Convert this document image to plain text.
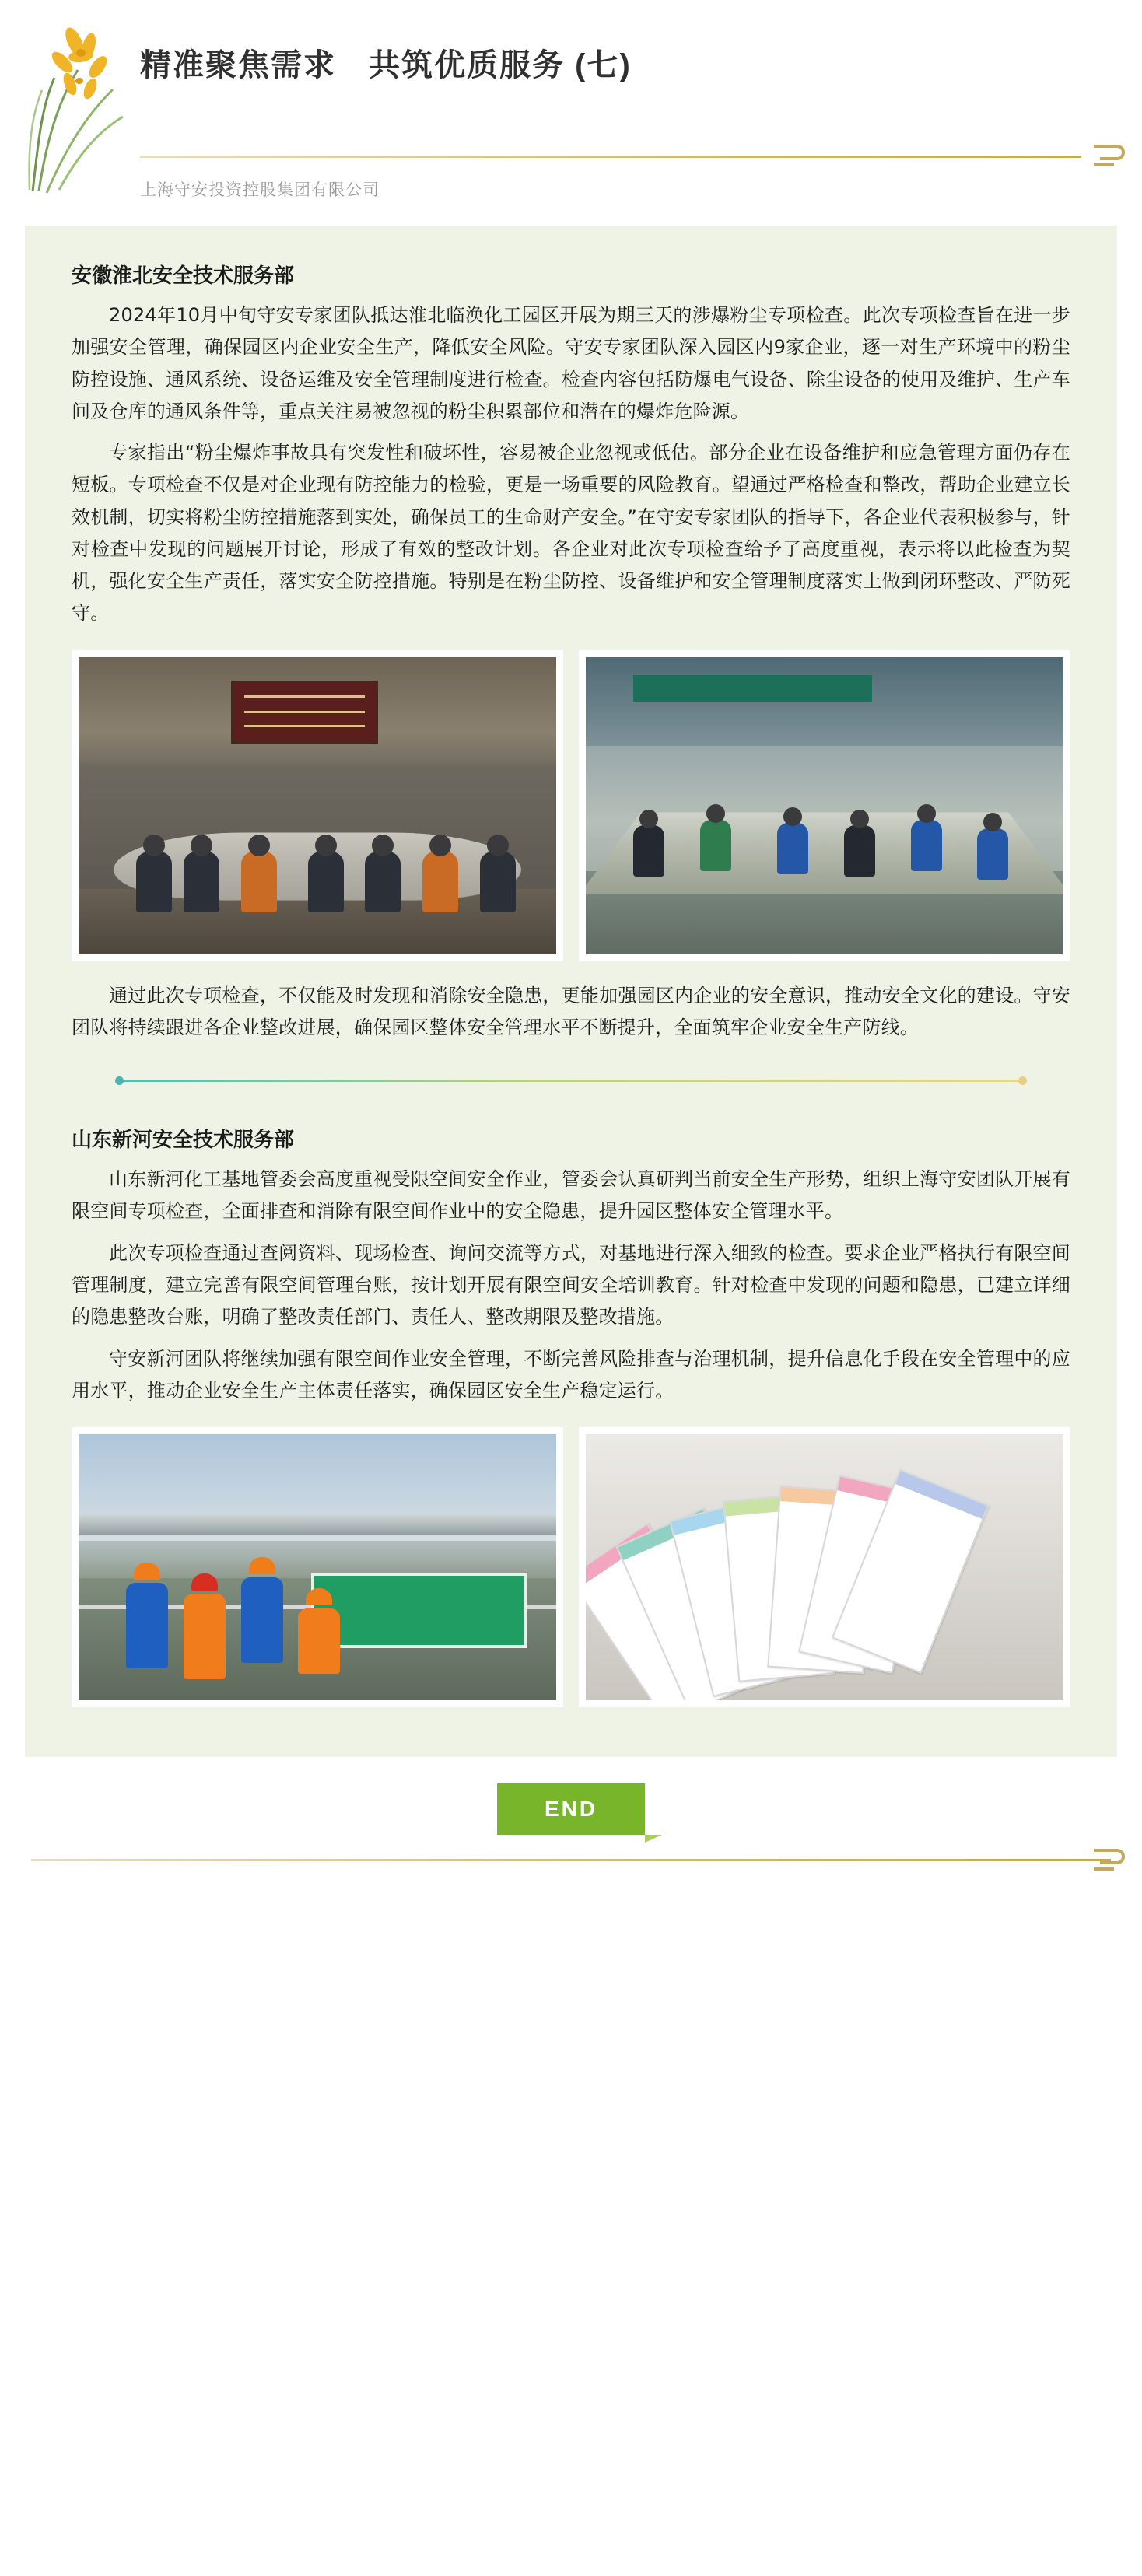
精准聚焦需求　共筑优质服务 (七)
上海守安投资控股集团有限公司
安徽淮北安全技术服务部

2024年10月中旬守安专家团队抵达淮北临涣化工园区开展为期三天的涉爆粉尘专项检查。此次专项检查旨在进一步加强安全管理，确保园区内企业安全生产，降低安全风险。守安专家团队深入园区内9家企业，逐一对生产环境中的粉尘防控设施、通风系统、设备运维及安全管理制度进行检查。检查内容包括防爆电气设备、除尘设备的使用及维护、生产车间及仓库的通风条件等，重点关注易被忽视的粉尘积累部位和潜在的爆炸危险源。

专家指出“粉尘爆炸事故具有突发性和破坏性，容易被企业忽视或低估。部分企业在设备维护和应急管理方面仍存在短板。专项检查不仅是对企业现有防控能力的检验，更是一场重要的风险教育。望通过严格检查和整改，帮助企业建立长效机制，切实将粉尘防控措施落到实处，确保员工的生命财产安全。”在守安专家团队的指导下，各企业代表积极参与，针对检查中发现的问题展开讨论，形成了有效的整改计划。各企业对此次专项检查给予了高度重视，表示将以此检查为契机，强化安全生产责任，落实安全防控措施。特别是在粉尘防控、设备维护和安全管理制度落实上做到闭环整改、严防死守。

通过此次专项检查，不仅能及时发现和消除安全隐患，更能加强园区内企业的安全意识，推动安全文化的建设。守安团队将持续跟进各企业整改进展，确保园区整体安全管理水平不断提升，全面筑牢企业安全生产防线。

山东新河安全技术服务部

山东新河化工基地管委会高度重视受限空间安全作业，管委会认真研判当前安全生产形势，组织上海守安团队开展有限空间专项检查，全面排查和消除有限空间作业中的安全隐患，提升园区整体安全管理水平。

此次专项检查通过查阅资料、现场检查、询问交流等方式，对基地进行深入细致的检查。要求企业严格执行有限空间管理制度，建立完善有限空间管理台账，按计划开展有限空间安全培训教育。针对检查中发现的问题和隐患，已建立详细的隐患整改台账，明确了整改责任部门、责任人、整改期限及整改措施。

守安新河团队将继续加强有限空间作业安全管理，不断完善风险排查与治理机制，提升信息化手段在安全管理中的应用水平，推动企业安全生产主体责任落实，确保园区安全生产稳定运行。

END
